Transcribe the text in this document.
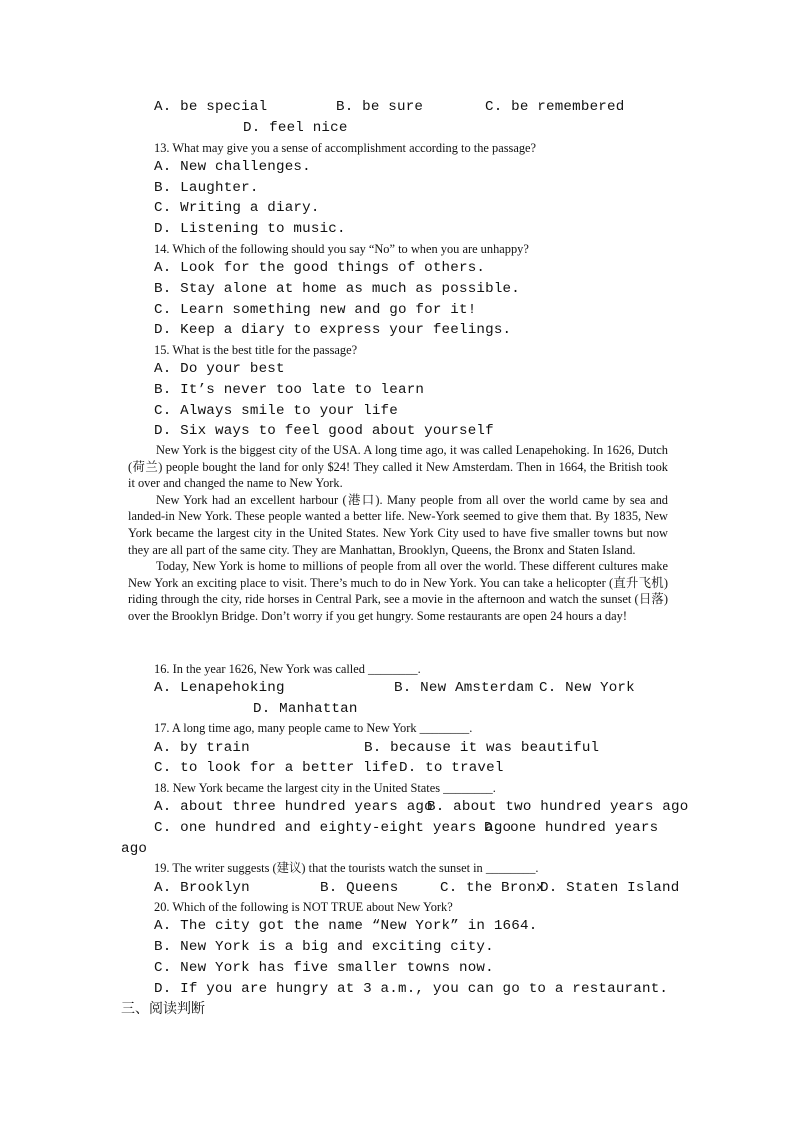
A. be special	B. be sure	C. be remembered
D. feel nice
13. What may give you a sense of accomplishment according to the passage?
A. New challenges.
B. Laughter.
C. Writing a diary.
D. Listening to music.
14. Which of the following should you say “No” to when you are unhappy?
A. Look for the good things of others.
B. Stay alone at home as much as possible.
C. Learn something new and go for it!
D. Keep a diary to express your feelings.
15. What is the best title for the passage?
A. Do your best
B. It’s never too late to learn
C. Always smile to your life
D. Six ways to feel good about yourself

New York is the biggest city of the USA. A long time ago, it was called Lenapehoking. In 1626, Dutch (荷兰) people bought the land for only $24! They called it New Amsterdam. Then in 1664, the British took it over and changed the name to New York.

New York had an excellent harbour (港口). Many people from all over the world came by sea and landed-in New York. These people wanted a better life. New-York seemed to give them that. By 1835, New York became the largest city in the United States. New York City used to have five smaller towns but now they are all part of the same city. They are Manhattan, Brooklyn, Queens, the Bronx and Staten Island.

Today, New York is home to millions of people from all over the world. These different cultures make New York an exciting place to visit. There’s much to do in New York. You can take a helicopter (直升飞机) riding through the city, ride horses in Central Park, see a movie in the afternoon and watch the sunset (日落) over the Brooklyn Bridge. Don’t worry if you get hungry. Some restaurants are open 24 hours a day!

16. In the year 1626, New York was called ________.
A. Lenapehoking	B. New Amsterdam C. New York
D. Manhattan
17. A long time ago, many people came to New York ________.
A. by train	B. because it was beautiful
C. to look for a better life D. to travel
18. New York became the largest city in the United States ________.
A. about three hundred years ago
B. about two hundred years ago
C. one hundred and eighty-eight years ago
D. one hundred years
ago
19. The writer suggests (建议) that the tourists watch the sunset in ________.
A. Brooklyn	B. Queens	C. the Bronx
D. Staten Island
20. Which of the following is NOT TRUE about New York?
A. The city got the name “New York” in 1664.
B. New York is a big and exciting city.
C. New York has five smaller towns now.
D. If you are hungry at 3 a.m., you can go to a restaurant.
三、阅读判断
